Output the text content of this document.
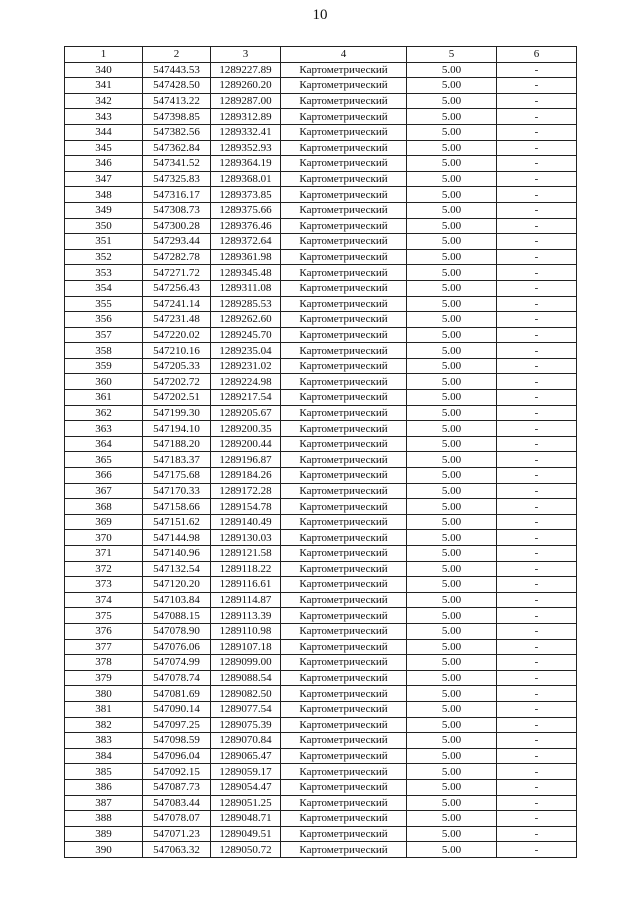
10
1	2	3	4	5	6
340	547443.53	1289227.89	Картометрический	5.00	-
341	547428.50	1289260.20	Картометрический	5.00	-
342	547413.22	1289287.00	Картометрический	5.00	-
343	547398.85	1289312.89	Картометрический	5.00	-
344	547382.56	1289332.41	Картометрический	5.00	-
345	547362.84	1289352.93	Картометрический	5.00	-
346	547341.52	1289364.19	Картометрический	5.00	-
347	547325.83	1289368.01	Картометрический	5.00	-
348	547316.17	1289373.85	Картометрический	5.00	-
349	547308.73	1289375.66	Картометрический	5.00	-
350	547300.28	1289376.46	Картометрический	5.00	-
351	547293.44	1289372.64	Картометрический	5.00	-
352	547282.78	1289361.98	Картометрический	5.00	-
353	547271.72	1289345.48	Картометрический	5.00	-
354	547256.43	1289311.08	Картометрический	5.00	-
355	547241.14	1289285.53	Картометрический	5.00	-
356	547231.48	1289262.60	Картометрический	5.00	-
357	547220.02	1289245.70	Картометрический	5.00	-
358	547210.16	1289235.04	Картометрический	5.00	-
359	547205.33	1289231.02	Картометрический	5.00	-
360	547202.72	1289224.98	Картометрический	5.00	-
361	547202.51	1289217.54	Картометрический	5.00	-
362	547199.30	1289205.67	Картометрический	5.00	-
363	547194.10	1289200.35	Картометрический	5.00	-
364	547188.20	1289200.44	Картометрический	5.00	-
365	547183.37	1289196.87	Картометрический	5.00	-
366	547175.68	1289184.26	Картометрический	5.00	-
367	547170.33	1289172.28	Картометрический	5.00	-
368	547158.66	1289154.78	Картометрический	5.00	-
369	547151.62	1289140.49	Картометрический	5.00	-
370	547144.98	1289130.03	Картометрический	5.00	-
371	547140.96	1289121.58	Картометрический	5.00	-
372	547132.54	1289118.22	Картометрический	5.00	-
373	547120.20	1289116.61	Картометрический	5.00	-
374	547103.84	1289114.87	Картометрический	5.00	-
375	547088.15	1289113.39	Картометрический	5.00	-
376	547078.90	1289110.98	Картометрический	5.00	-
377	547076.06	1289107.18	Картометрический	5.00	-
378	547074.99	1289099.00	Картометрический	5.00	-
379	547078.74	1289088.54	Картометрический	5.00	-
380	547081.69	1289082.50	Картометрический	5.00	-
381	547090.14	1289077.54	Картометрический	5.00	-
382	547097.25	1289075.39	Картометрический	5.00	-
383	547098.59	1289070.84	Картометрический	5.00	-
384	547096.04	1289065.47	Картометрический	5.00	-
385	547092.15	1289059.17	Картометрический	5.00	-
386	547087.73	1289054.47	Картометрический	5.00	-
387	547083.44	1289051.25	Картометрический	5.00	-
388	547078.07	1289048.71	Картометрический	5.00	-
389	547071.23	1289049.51	Картометрический	5.00	-
390	547063.32	1289050.72	Картометрический	5.00	-
